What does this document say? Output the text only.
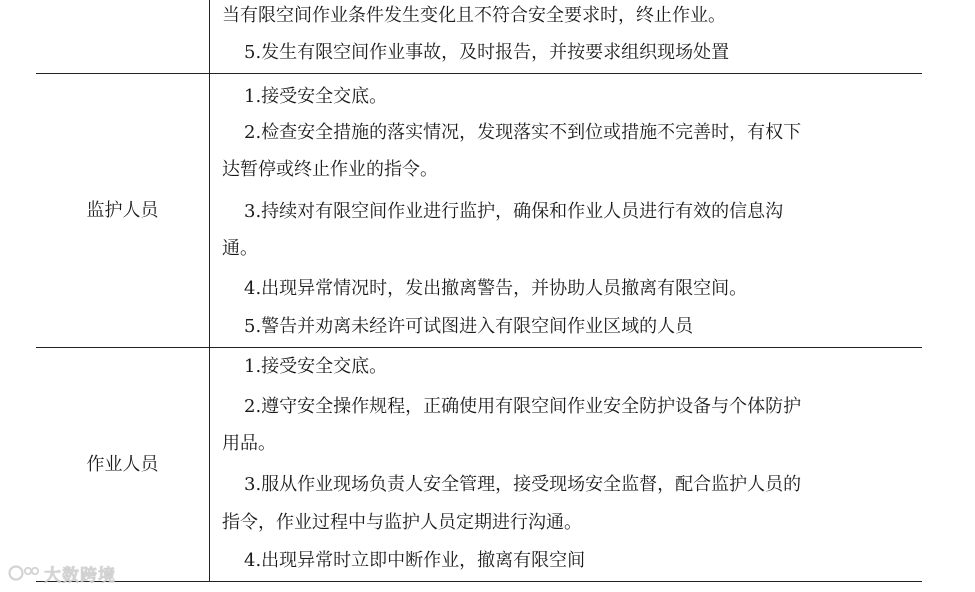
当有限空间作业条件发生变化且不符合安全要求时，终止作业。
5.发生有限空间作业事故，及时报告，并按要求组织现场处置
监护人员
1.接受安全交底。
2.检查安全措施的落实情况，发现落实不到位或措施不完善时，有权下
达暂停或终止作业的指令。
3.持续对有限空间作业进行监护，确保和作业人员进行有效的信息沟
通。
4.出现异常情况时，发出撤离警告，并协助人员撤离有限空间。
5.警告并劝离未经许可试图进入有限空间作业区域的人员
作业人员
1.接受安全交底。
2.遵守安全操作规程，正确使用有限空间作业安全防护设备与个体防护
用品。
3.服从作业现场负责人安全管理，接受现场安全监督，配合监护人员的
指令，作业过程中与监护人员定期进行沟通。
4.出现异常时立即中断作业，撤离有限空间
大数跨境
